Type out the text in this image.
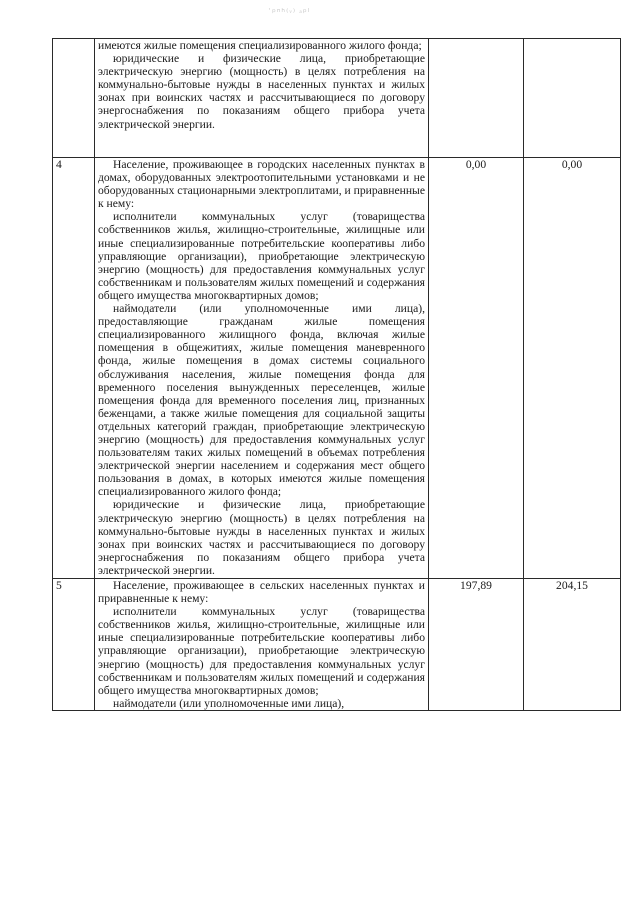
·ₚₙₕ₍ᵥ₎ ₐₚₗ

	имеются жилые помещения специализированного жилого фонда;

юридические и физические лица, приобретающие электрическую энергию (мощность) в целях потребления на коммунально-бытовые нужды в населенных пунктах и жилых зонах при воинских частях и рассчитывающиеся по договору энергоснабжения по показаниям общего прибора учета электрической энергии.		

4	Население, проживающее в городских населенных пунктах в домах, оборудованных электроотопительными установками и не оборудованных стационарными электроплитами, и приравненные к нему:

исполнители коммунальных услуг (товарищества собственников жилья, жилищно-строительные, жилищные или иные специализированные потребительские кооперативы либо управляющие организации), приобретающие электрическую энергию (мощность) для предоставления коммунальных услуг собственникам и пользователям жилых помещений и содержания общего имущества многоквартирных домов;

наймодатели (или уполномоченные ими лица), предоставляющие гражданам жилые помещения специализированного жилищного фонда, включая жилые помещения в общежитиях, жилые помещения маневренного фонда, жилые помещения в домах системы социального обслуживания населения, жилые помещения фонда для временного поселения вынужденных переселенцев, жилые помещения фонда для временного поселения лиц, признанных беженцами, а также жилые помещения для социальной защиты отдельных категорий граждан, приобретающие электрическую энергию (мощность) для предоставления коммунальных услуг пользователям таких жилых помещений в объемах потребления электрической энергии населением и содержания мест общего пользования в домах, в которых имеются жилые помещения специализированного жилого фонда;

юридические и физические лица, приобретающие электрическую энергию (мощность) в целях потребления на коммунально-бытовые нужды в населенных пунктах и жилых зонах при воинских частях и рассчитывающиеся по договору энергоснабжения по показаниям общего прибора учета электрической энергии.	0,00	0,00
5	Население, проживающее в сельских населенных пунктах и приравненные к нему:

исполнители коммунальных услуг (товарищества собственников жилья, жилищно-строительные, жилищные или иные специализированные потребительские кооперативы либо управляющие организации), приобретающие электрическую энергию (мощность) для предоставления коммунальных услуг собственникам и пользователям жилых помещений и содержания общего имущества многоквартирных домов;

наймодатели (или уполномоченные ими лица),	197,89	204,15
